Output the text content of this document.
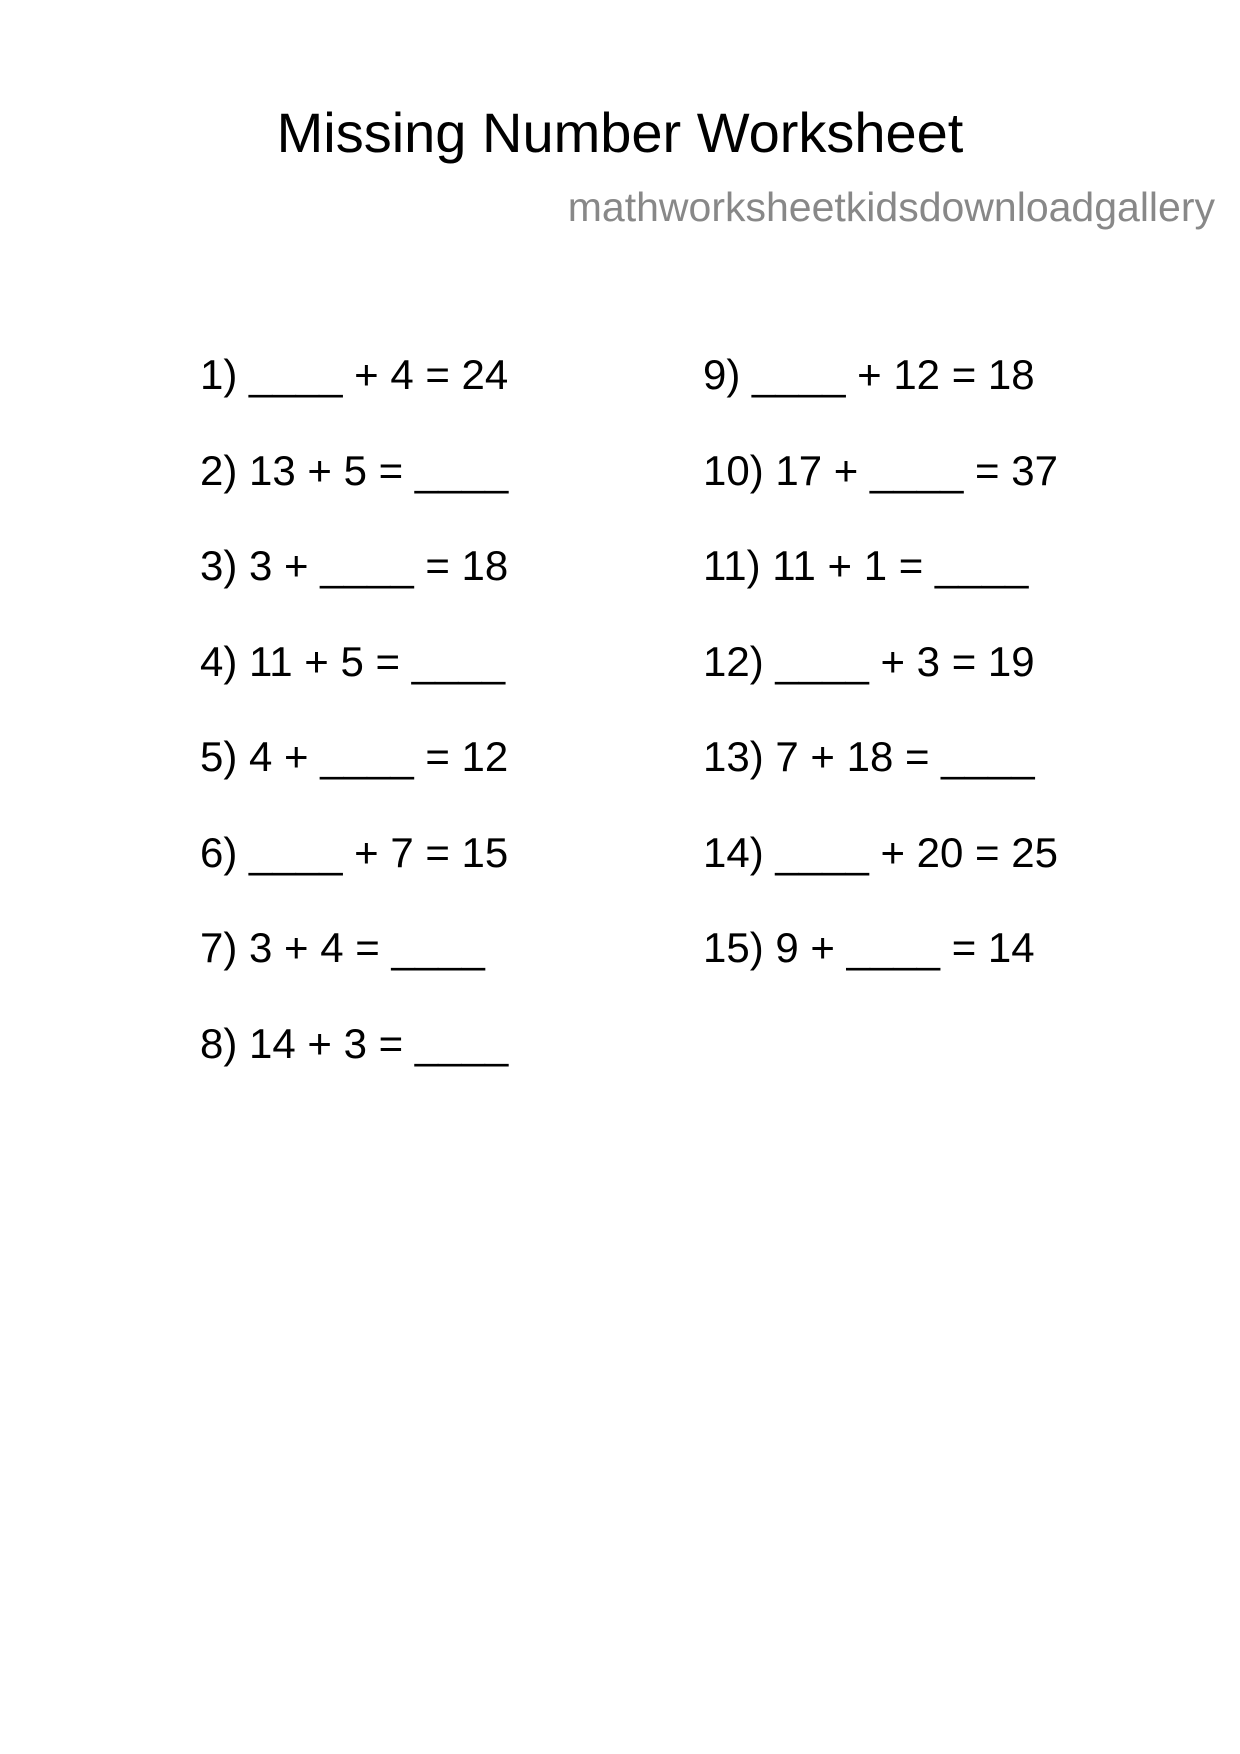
Missing Number Worksheet
mathworksheetkidsdownloadgallery
1) ____ + 4 = 24
2) 13 + 5 = ____
3) 3 + ____ = 18
4) 11 + 5 = ____
5) 4 + ____ = 12
6) ____ + 7 = 15
7) 3 + 4 = ____
8) 14 + 3 = ____
9) ____ + 12 = 18
10) 17 + ____ = 37
11) 11 + 1 = ____
12) ____ + 3 = 19
13) 7 + 18 = ____
14) ____ + 20 = 25
15) 9 + ____ = 14
